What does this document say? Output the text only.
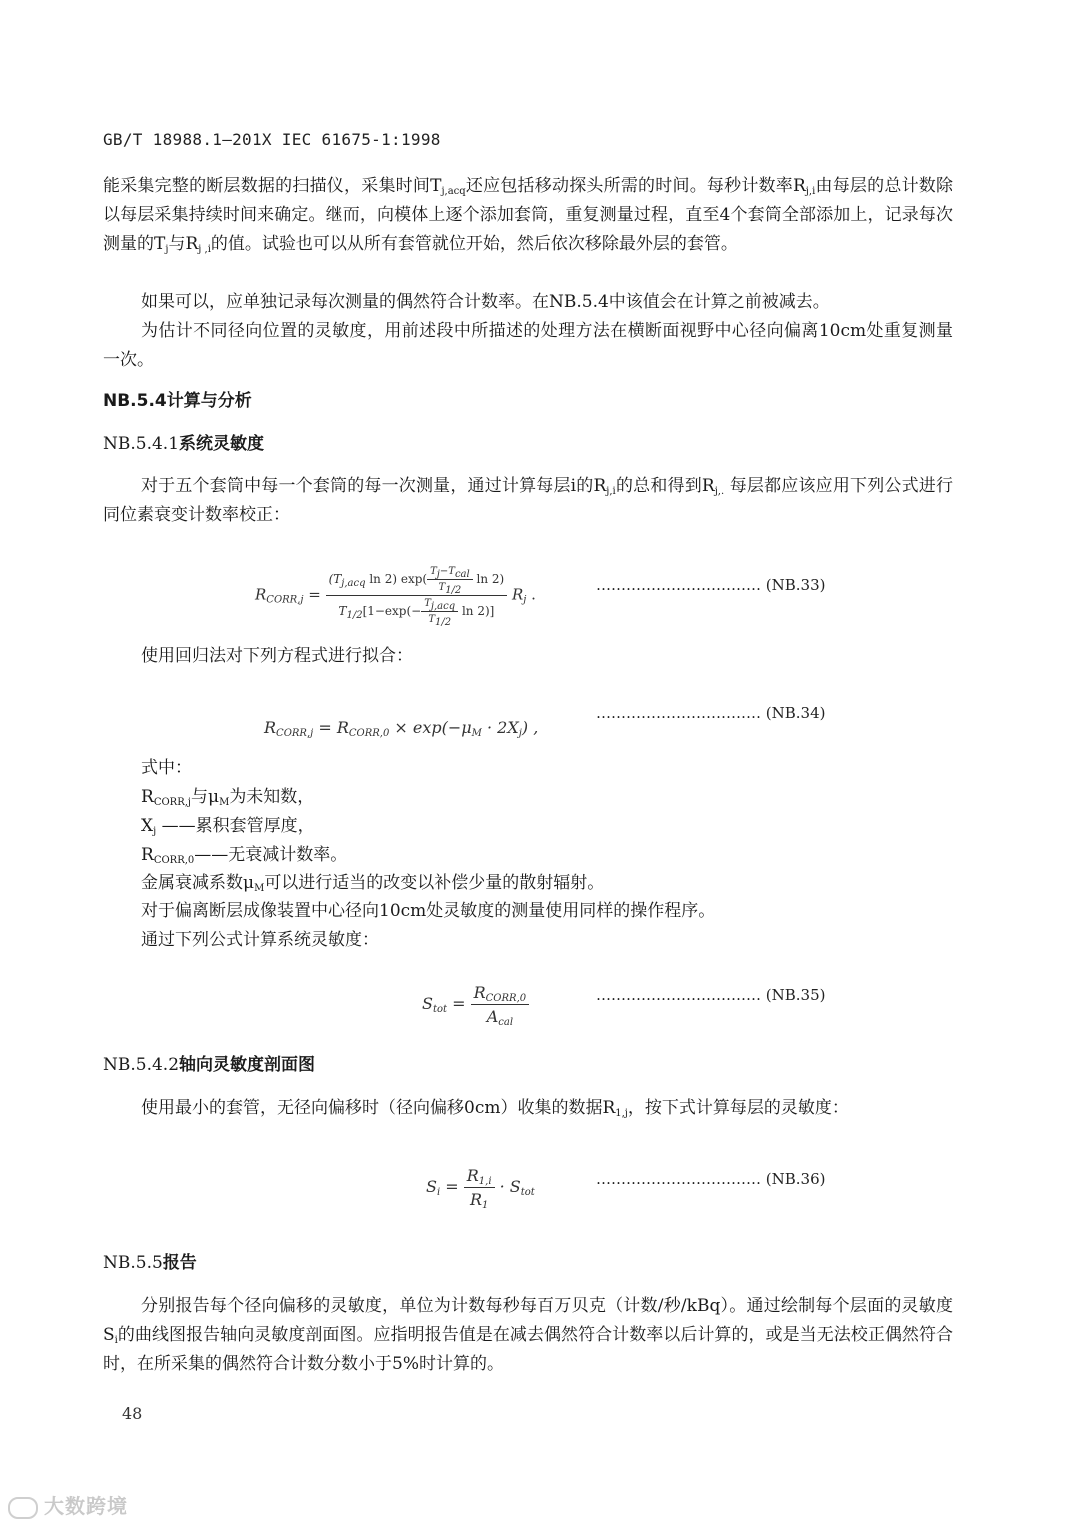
GB/T 18988.1—201X IEC 61675-1:1998
能采集完整的断层数据的扫描仪，采集时间$T_{j,acq}$还应包括移动探头所需的时间。每秒计数率$R_{j,i}$由每层的总计数除以每层采集持续时间来确定。继而，向模体上逐个添加套筒，重复测量过程，直至4个套筒全部添加上，记录每次测量的$T_j$与$R_{j ,i}$的值。试验也可以从所有套管就位开始，然后依次移除最外层的套管。
如果可以，应单独记录每次测量的偶然符合计数率。在NB.5.4中该值会在计算之前被减去。
为估计不同径向位置的灵敏度，用前述段中所描述的处理方法在横断面视野中心径向偏离10cm处重复测量一次。
NB.5.4计算与分析
NB.5.4.1系统灵敏度
对于五个套筒中每一个套筒的每一次测量，通过计算每层i的$R_{j,i}$的总和得到$R_{j,.}$ 每层都应该应用下列公式进行同位素衰变计数率校正：
$R_{CORR,j} = \frac{(T_{j,acq} \ln 2) \exp( \frac{T_j-T_{cal}}{T_{1/2}} \ln 2)}{T_{1/2}[1-\exp(- \frac{T_{j,acq}}{T_{1/2}} \ln 2)]} R_j$ .
…………………………… (NB.33)
使用回归法对下列方程式进行拟合：
$R_{CORR,j} = R_{CORR,0} \times \exp(-\mu_M \cdot 2X_j)$ ,
…………………………… (NB.34)
式中：
$R_{CORR,j}$与$\mu_M$为未知数，
$X_j$ ——累积套管厚度，
$R_{CORR,0}——$无衰减计数率。
金属衰减系数$\mu_M$可以进行适当的改变以补偿少量的散射辐射。
对于偏离断层成像装置中心径向10cm处灵敏度的测量使用同样的操作程序。
通过下列公式计算系统灵敏度：
$S_{tot} = \frac{R_{CORR,0}}{A_{cal}}$	…………………………… (NB.35)
NB.5.4.2轴向灵敏度剖面图
使用最小的套管，无径向偏移时（径向偏移0cm）收集的数据$R_{1,j}$，按下式计算每层的灵敏度：
$S_i = \frac{R_{1,i}}{R_1} \cdot S_{tot}$
…………………………… (NB.36)
NB.5.5报告
分别报告每个径向偏移的灵敏度，单位为计数每秒每百万贝克（计数/秒/kBq）。通过绘制每个层面的灵敏度$S_i$的曲线图报告轴向灵敏度剖面图。应指明报告值是在减去偶然符合计数率以后计算的，或是当无法校正偶然符合时，在所采集的偶然符合计数分数小于5%时计算的。
48
大数跨境
